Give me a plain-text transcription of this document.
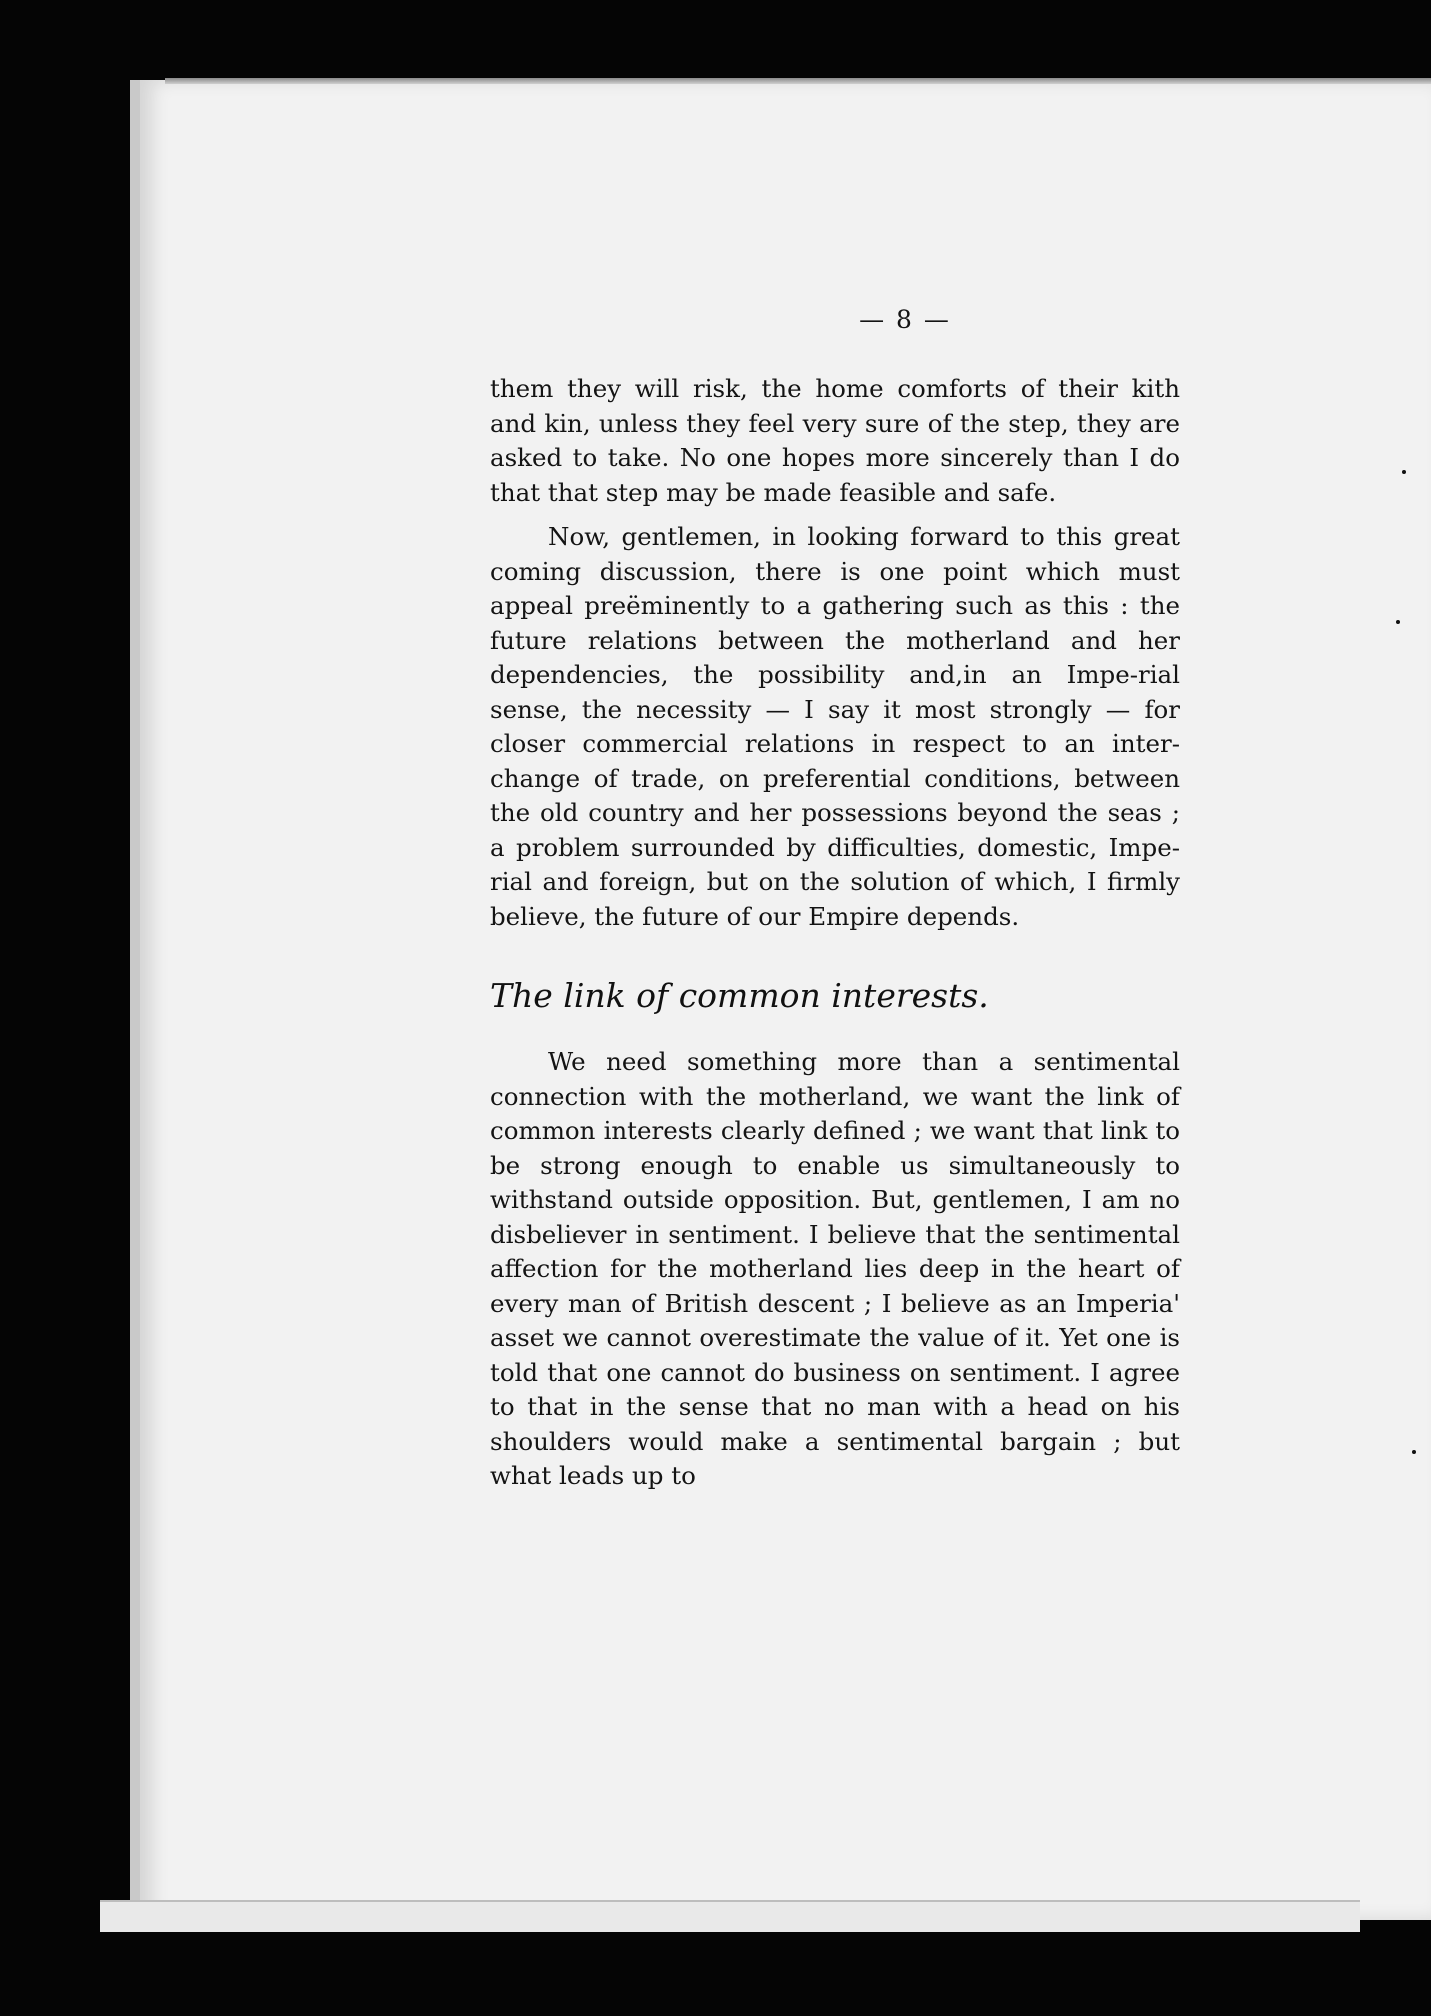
— 8 —

them they will risk, the home comforts of their kith and kin, unless they feel very sure of the step, they are asked to take. No one hopes more sincerely than I do that that step may be made feasible and safe.

Now, gentlemen, in looking forward to this great coming discussion, there is one point which must appeal preëminently to a gathering such as this : the future relations between the motherland and her dependencies, the possibility and,in an Impe-rial sense, the necessity — I say it most strongly — for closer commercial relations in respect to an inter-change of trade, on preferential conditions, between the old country and her possessions beyond the seas ; a problem surrounded by difficulties, domestic, Impe-rial and foreign, but on the solution of which, I firmly believe, the future of our Empire depends.

The link of common interests.

We need something more than a sentimental connection with the motherland, we want the link of common interests clearly defined ; we want that link to be strong enough to enable us simultaneously to withstand outside opposition. But, gentlemen, I am no disbeliever in sentiment. I believe that the sentimental affection for the motherland lies deep in the heart of every man of British descent ; I believe as an Imperia' asset we cannot overestimate the value of it. Yet one is told that one cannot do business on sentiment. I agree to that in the sense that no man with a head on his shoulders would make a sentimental bargain ; but what leads up to
